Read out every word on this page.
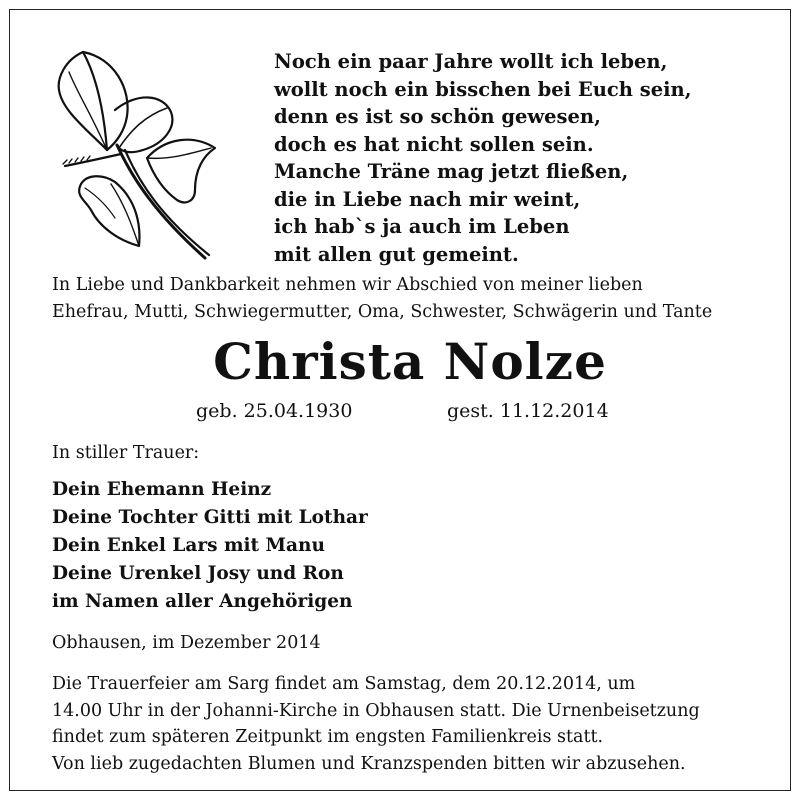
Noch ein paar Jahre wollt ich leben,
wollt noch ein bisschen bei Euch sein,
denn es ist so schön gewesen,
doch es hat nicht sollen sein.
Manche Träne mag jetzt fließen,
die in Liebe nach mir weint,
ich hab`s ja auch im Leben
mit allen gut gemeint.
In Liebe und Dankbarkeit nehmen wir Abschied von meiner lieben
Ehefrau, Mutti, Schwiegermutter, Oma, Schwester, Schwägerin und Tante
Christa Nolze
geb. 25.04.1930	gest. 11.12.2014
In stiller Trauer:
Dein Ehemann Heinz
Deine Tochter Gitti mit Lothar
Dein Enkel Lars mit Manu
Deine Urenkel Josy und Ron
im Namen aller Angehörigen
Obhausen, im Dezember 2014
Die Trauerfeier am Sarg findet am Samstag, dem 20.12.2014, um
14.00 Uhr in der Johanni-Kirche in Obhausen statt. Die Urnenbeisetzung
findet zum späteren Zeitpunkt im engsten Familienkreis statt.
Von lieb zugedachten Blumen und Kranzspenden bitten wir abzusehen.
